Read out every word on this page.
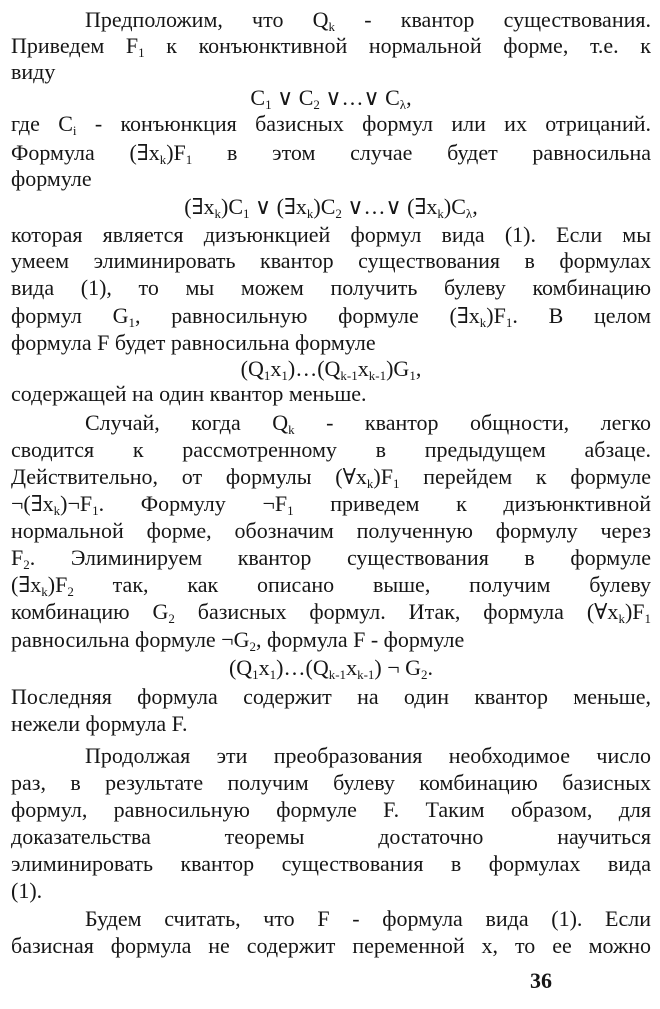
Предположим, что $Q_k$ - квантор существования.
Приведем $F_1$ к конъюнктивной нормальной форме, т.е. к
виду
$C_1$ ∨ $C_2$ ∨…∨ $C_\lambda$,
где $C_i$ - конъюнкция базисных формул или их отрицаний.
Формула $(\exists x_k)F_1$ в этом случае будет равносильна
формуле
$(\exists x_k)C_1$ ∨ $(\exists x_k)C_2$ ∨…∨ $(\exists x_k)C_\lambda$,
которая является дизъюнкцией формул вида (1). Если мы
умеем элиминировать квантор существования в формулах
вида (1), то мы можем получить булеву комбинацию
формул $G_1$, равносильную формуле $(\exists x_k)F_1$. В целом
формула F будет равносильна формуле
$(Q_1x_1)\dots(Q_{k-1}x_{k-1})G_1$,
содержащей на один квантор меньше.
Случай, когда $Q_k$ - квантор общности, легко
сводится к рассмотренному в предыдущем абзаце.
Действительно, от формулы $(\forall x_k)F_1$ перейдем к формуле
$\neg(\exists x_k)\neg F_1$. Формулу $\neg F_1$ приведем к дизъюнктивной
нормальной форме, обозначим полученную формулу через
$F_2$. Элиминируем квантор существования в формуле
$(\exists x_k)F_2$ так, как описано выше, получим булеву
комбинацию $G_2$ базисных формул. Итак, формула $(\forall x_k)F_1$
равносильна формуле $\neg G_2$, формула F - формуле
$(Q_1x_1)\dots(Q_{k-1}x_{k-1})$ ¬ $G_2$.
Последняя формула содержит на один квантор меньше,
нежели формула F.
Продолжая эти преобразования необходимое число
раз, в результате получим булеву комбинацию базисных
формул, равносильную формуле F. Таким образом, для
доказательства теоремы достаточно научиться
элиминировать квантор существования в формулах вида
(1).
Будем считать, что F - формула вида (1). Если
базисная формула не содержит переменной x, то ее можно
36
